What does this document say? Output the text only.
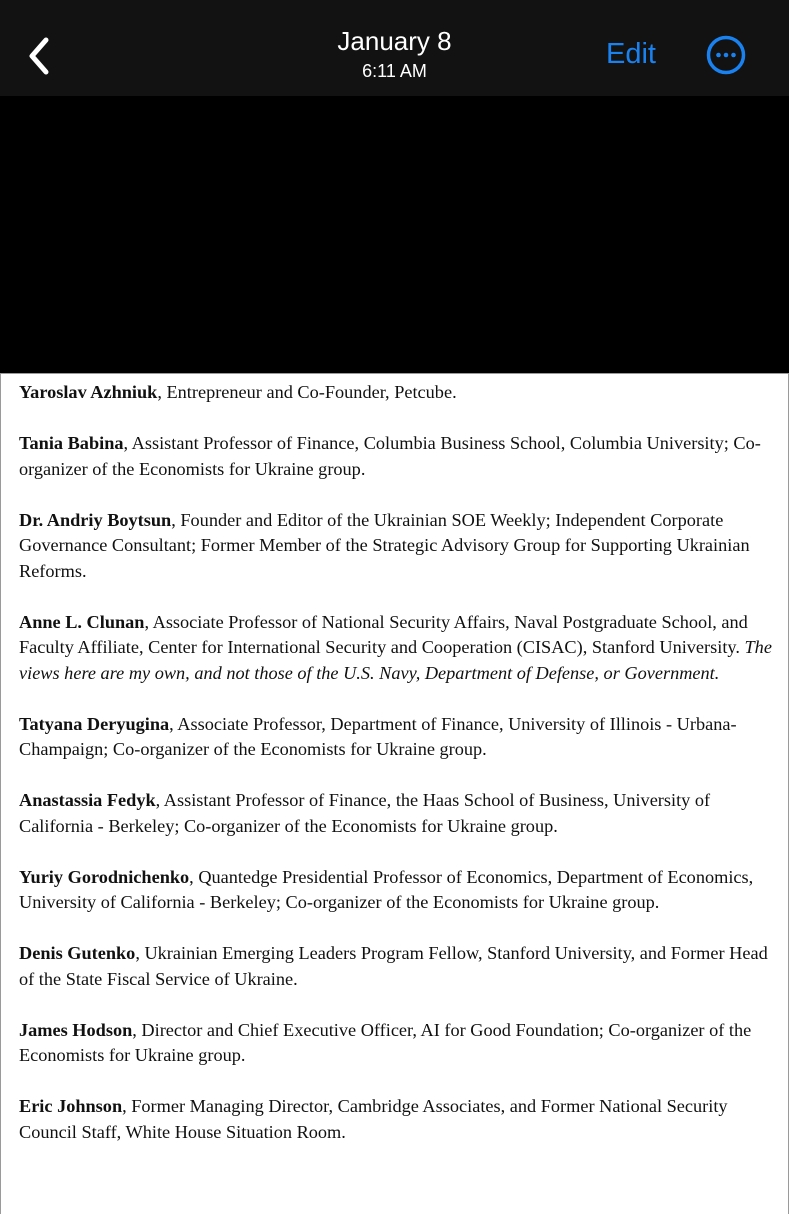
January 8
6:11 AM
Edit

Yaroslav Azhniuk, Entrepreneur and Co-Founder, Petcube.

Tania Babina, Assistant Professor of Finance, Columbia Business School, Columbia University; Co-organizer of the Economists for Ukraine group.

Dr. Andriy Boytsun, Founder and Editor of the Ukrainian SOE Weekly; Independent Corporate Governance Consultant; Former Member of the Strategic Advisory Group for Supporting Ukrainian Reforms.

Anne L. Clunan, Associate Professor of National Security Affairs, Naval Postgraduate School, and Faculty Affiliate, Center for International Security and Cooperation (CISAC), Stanford University. The views here are my own, and not those of the U.S. Navy, Department of Defense, or Government.

Tatyana Deryugina, Associate Professor, Department of Finance, University of Illinois - Urbana-Champaign; Co-organizer of the Economists for Ukraine group.

Anastassia Fedyk, Assistant Professor of Finance, the Haas School of Business, University of California - Berkeley; Co-organizer of the Economists for Ukraine group.

Yuriy Gorodnichenko, Quantedge Presidential Professor of Economics, Department of Economics, University of California - Berkeley; Co-organizer of the Economists for Ukraine group.

Denis Gutenko, Ukrainian Emerging Leaders Program Fellow, Stanford University, and Former Head of the State Fiscal Service of Ukraine.

James Hodson, Director and Chief Executive Officer, AI for Good Foundation; Co-organizer of the Economists for Ukraine group.

Eric Johnson, Former Managing Director, Cambridge Associates, and Former National Security Council Staff, White House Situation Room.
